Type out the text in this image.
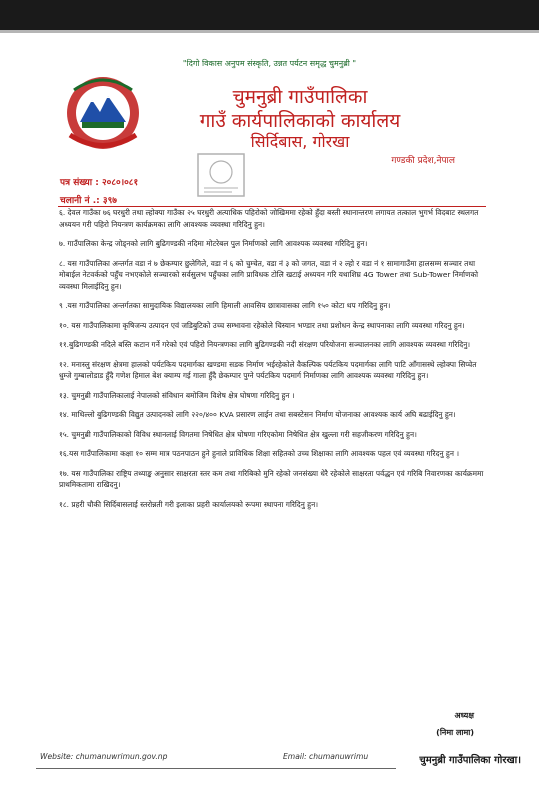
"दिगो विकास अनुपम संस्कृति, उन्नत पर्यटन समृद्ध चुमनुब्री "
चुमनुब्री गाउँपालिका
गाउँ कार्यपालिकाको कार्यालय
सिर्दिबास, गोरखा
गण्डकी प्रदेश,नेपाल
पत्र संख्या : २०८०।०८१
चलानी नं .: ३९७
६. देवल गाउँका ७६ घरधुरी तथा ल्होक्पा गाउँका २५ घरधुरी अत्याधिक पहिरोको जोखिममा रहेको हुँदा बस्ती स्थानान्तरण लगायत तत्काल भुगर्भ विदबाट स्थलगत अध्ययन गरी पहिरो नियन्त्रण कार्यक्रमका लागि आवश्यक व्यवस्था गरिदिनु हुन।
७. गाउँपालिका केन्द्र जोड्नको लागि बुढिगण्डकी नदिमा मोटरेबल पुल निर्माणको लागि आवश्यक व्यवस्था गरिदिनु हुन।
८. यस गाउँपालिका अन्तर्गत वडा नं ७ छेकम्पार छुलेगिले, वडा नं ६ को चुम्चेत, वडा नं ३ को जगत, वडा नं २ ल्हो र वडा नं १ सामागाउँमा हालसम्म सञ्चार तथा मोबाईल नेटवर्कको पहुँच नभएकोले सञ्चारको सर्वसुलभ पहुँचका लागि प्राविधक टोलि खटाई अध्ययन गरि यथाशिघ्र 4G Tower तथा Sub-Tower निर्माणको व्यवस्था मिलाईदिनु हुन।
९ .यस गाउँपालिका अन्तर्गतका सामुदायिक विद्यालयका लागि हिमाली आवसिय छात्रावासका लागि १५० कोटा थप गरिदिनु हुन।
१०. यस गाउँपालिकामा कृषिजन्य उत्पादन एवं जडिबुटिको उच्च सम्भावना रहेकोले चिस्यान भण्डार तथा प्रशोधन केन्द्र स्थापनाका लागि व्यवस्था गरिदनु हुन।
११.बुढिगण्डकी नदिले बस्ति कटान गर्ने गरेको एवं पहिरो नियन्त्रणका लागि बुढिगण्डकी नदी संरक्षण परियोजना सञ्चालनका लागि आवश्यक व्यवस्था गरिदिनु।
१२. मनास्लु संरक्षण क्षेत्रमा हालको पर्यटकिय पदमार्गका खण्डमा सडक निर्माण भईरहेकोले वैकल्पिक पर्यटकिय पदमार्गका लागि पाटि आँगासस्थे ल्होक्पा सिप्चेत धुम्जे गुम्बालोडाड हुँदै गणेश हिमाल बेश क्याम्प गई गाला हुँदै छेकम्पार पुग्ने पर्यटकिय पदमार्ग निर्माणका लागि आवश्यक व्यवस्था गरिदिनु हुन।
१३. चुमनुब्री गाउँपालिकालाई नेपालको संविधान बमोजिम विशेष क्षेत्र घोषणा गरिदिनु हुन ।
१४. माथिल्लो बुढिगण्डकी विद्युत उत्पादनको लागि २२०/४०० KVA प्रसारण लाईन तथा सबस्टेसन निर्माण योजनाका आवश्यक कार्य अघि बढाईदिनु हुन।
१५. चुमनुब्री गाउँपालिकाको विविध स्थानलाई विगतमा निषेधित क्षेत्र घोषणा गरिएकोमा निषेधित क्षेत्र खुल्ला गरी सहजीकरण गरिदिनु हुन।
१६.यस गाउँपालिकामा कक्षा १० सम्म मात्र पठनपाठन हुने हुनाले प्राविधिक शिक्षा सहितको उच्च शिक्षाका लागि आवश्यक पहल एवं व्यवस्था गरिदनु हुन ।
१७. यस गाउँपालिका राष्ट्रिय तथ्याङ्क अनुसार साक्षरता स्तर कम तथा गरिबिको मुनि रहेको जनसंख्या धेरै रहेकोले साक्षरता पर्वद्धन एवं गरिबि निवारणका कार्यक्रममा प्राथमिकतामा राखिदनु।
१८. प्रहरी चौकी सिर्दिबासलाई स्तरोन्नती गरी इलाका प्रहरी कार्यालयको रूपमा स्थापना गरिदिनु हुन।
अध्यक्ष
(निमा लामा)
चुमनुब्री गाउँपालिका गोरखा।
Website: chumanuwrimun.gov.np	Email: chumanuwrimu
